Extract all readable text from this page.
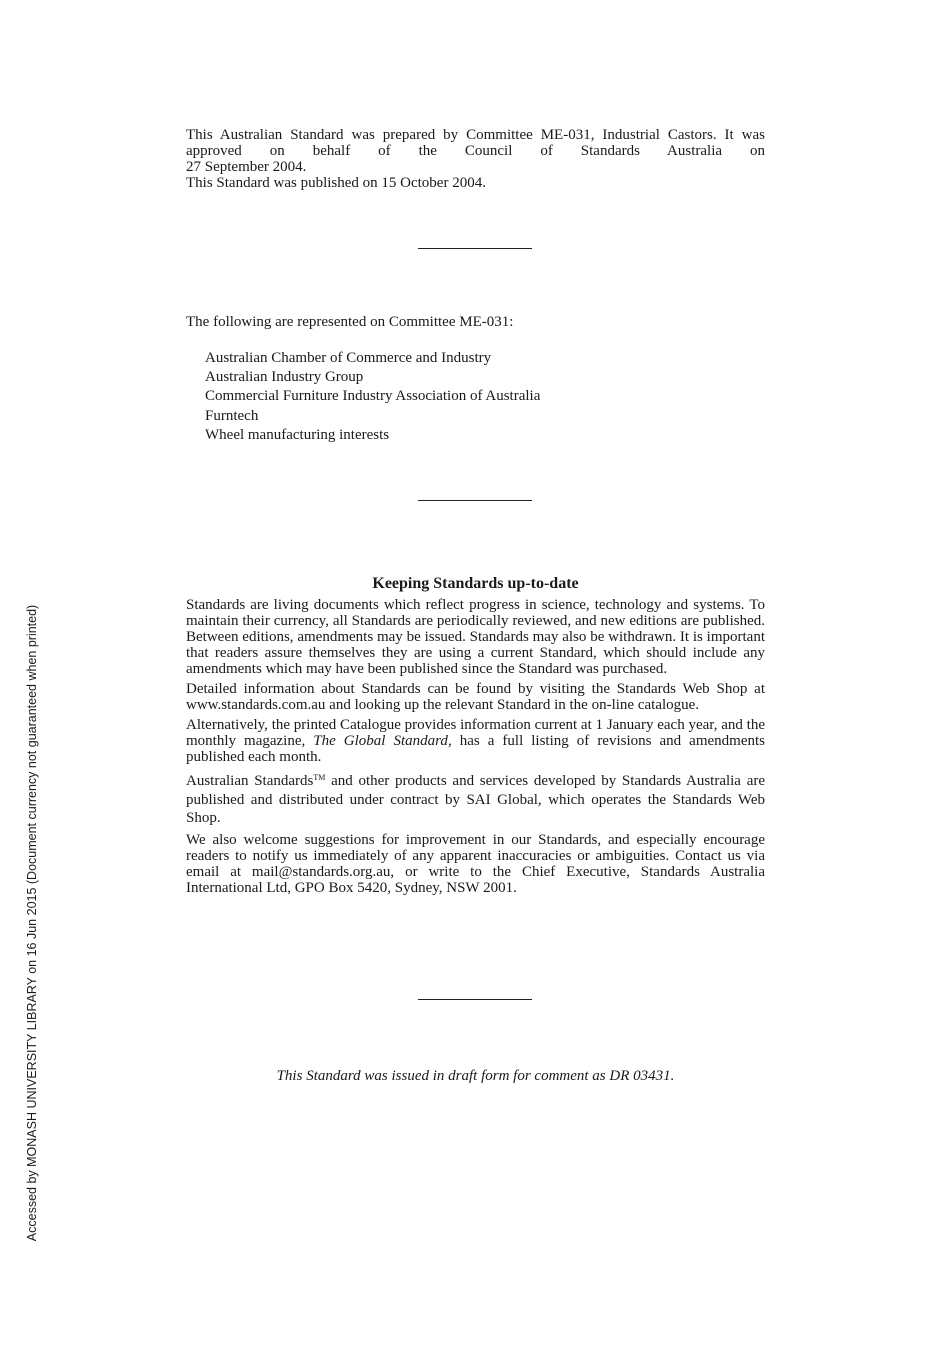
This Australian Standard was prepared by Committee ME-031, Industrial Castors. It was approved on behalf of the Council of Standards Australia on

27 September 2004.
This Standard was published on 15 October 2004.
The following are represented on Committee ME-031:
Australian Chamber of Commerce and Industry
Australian Industry Group
Commercial Furniture Industry Association of Australia
Furntech
Wheel manufacturing interests
Keeping Standards up-to-date

Standards are living documents which reflect progress in science, technology and systems. To maintain their currency, all Standards are periodically reviewed, and new editions are published. Between editions, amendments may be issued. Standards may also be withdrawn. It is important that readers assure themselves they are using a current Standard, which should include any amendments which may have been published since the Standard was purchased.

Detailed information about Standards can be found by visiting the Standards Web Shop at www.standards.com.au and looking up the relevant Standard in the on-line catalogue.

Alternatively, the printed Catalogue provides information current at 1 January each year, and the monthly magazine, The Global Standard, has a full listing of revisions and amendments published each month.

Australian Standards™ and other products and services developed by Standards Australia are published and distributed under contract by SAI Global, which operates the Standards Web Shop.

We also welcome suggestions for improvement in our Standards, and especially encourage readers to notify us immediately of any apparent inaccuracies or ambiguities. Contact us via email at mail@standards.org.au, or write to the Chief Executive, Standards Australia International Ltd, GPO Box 5420, Sydney, NSW 2001.

This Standard was issued in draft form for comment as DR 03431.
Accessed by MONASH UNIVERSITY LIBRARY on 16 Jun 2015 (Document currency not guaranteed when printed)
